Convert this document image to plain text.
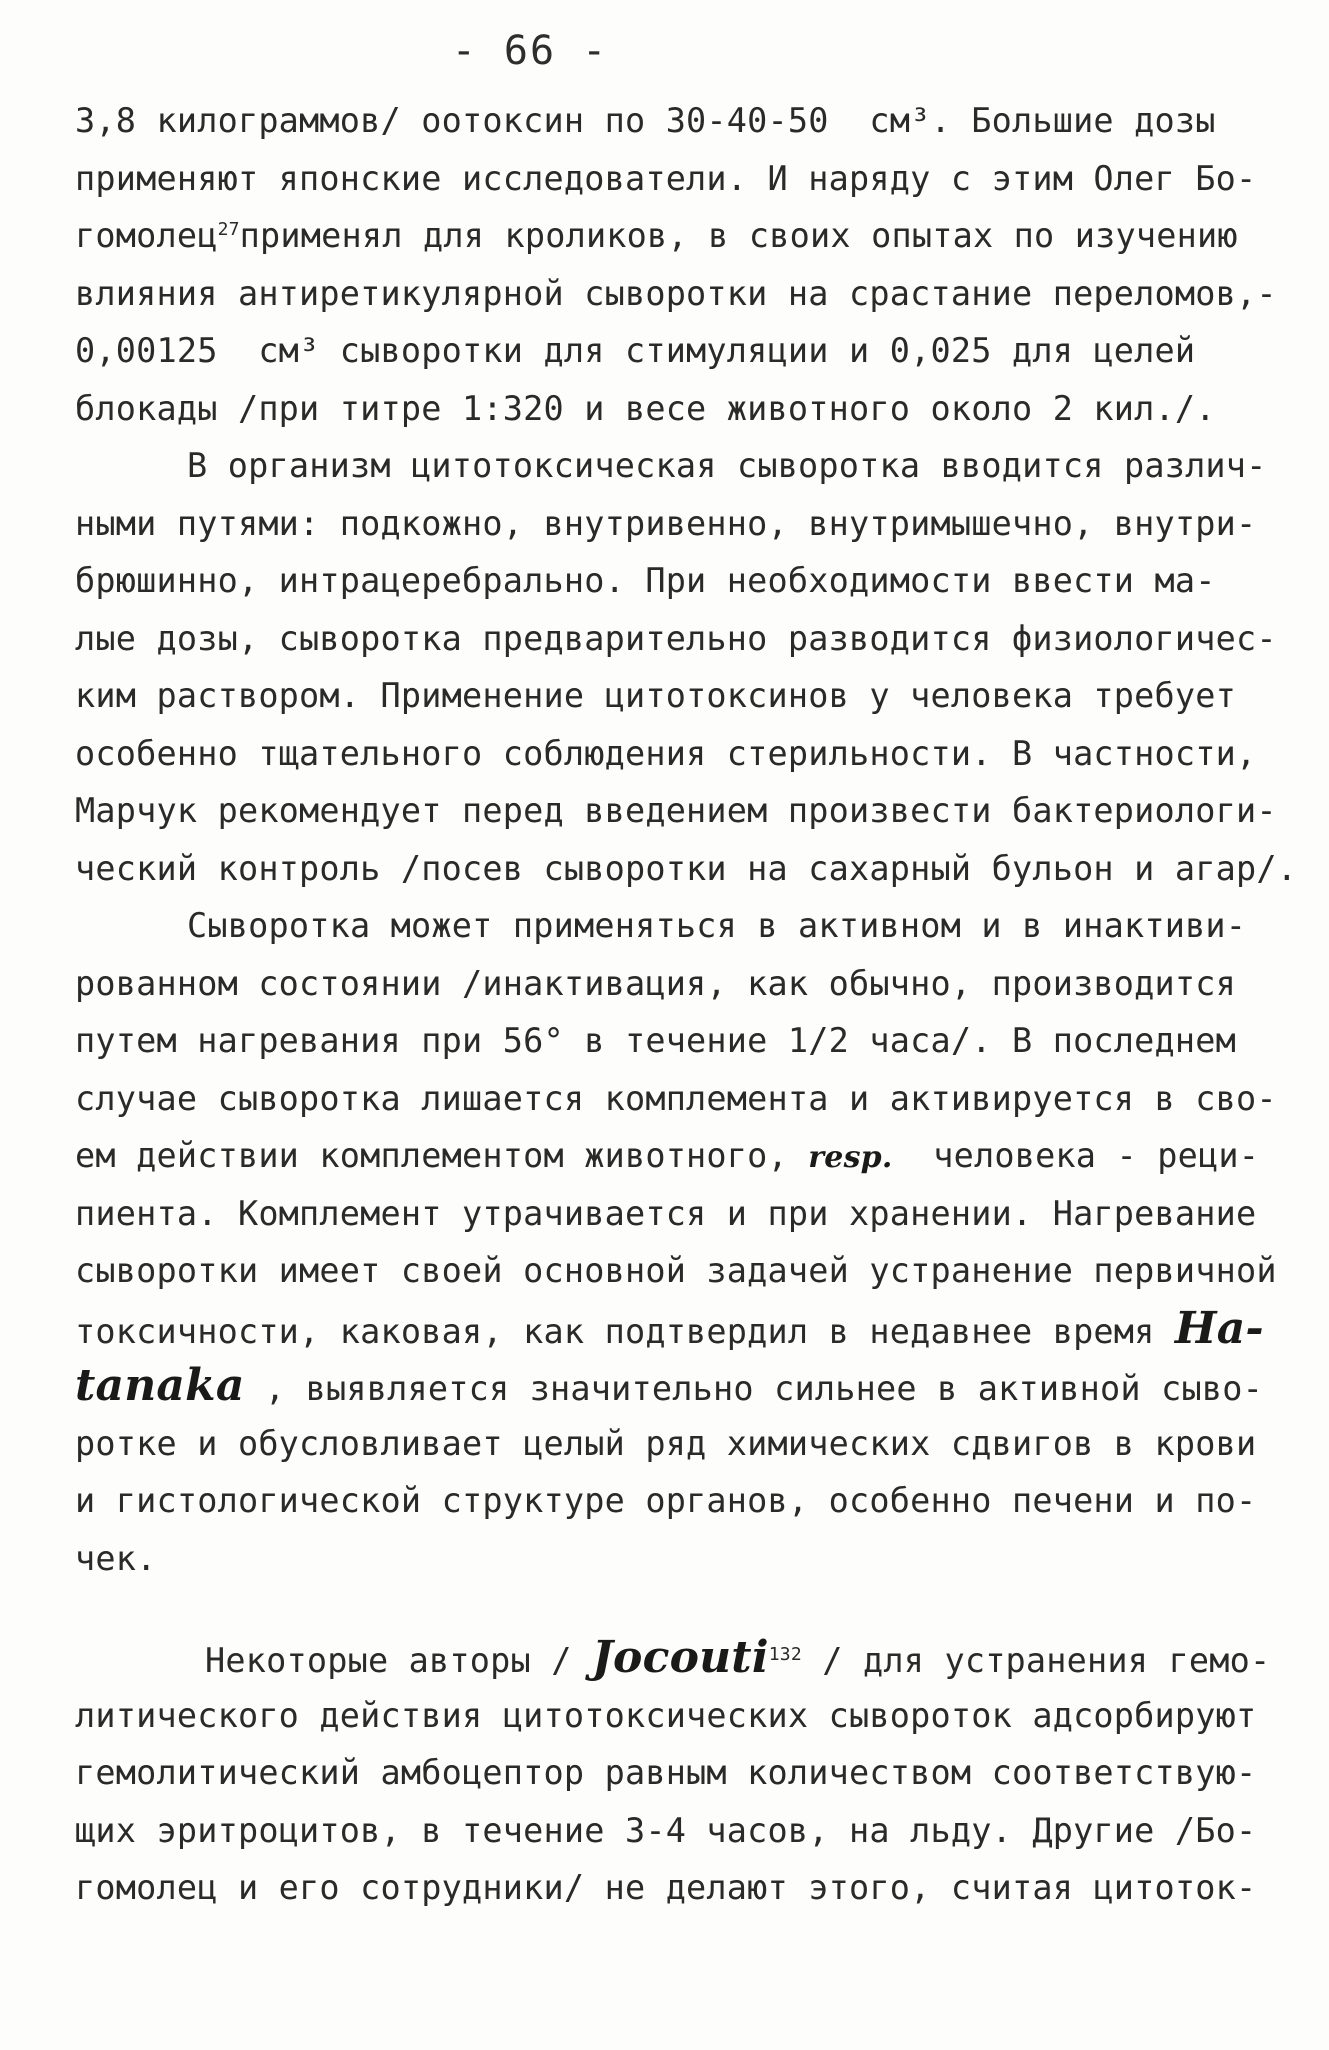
- 66 -
3,8 килограммов/ оотоксин по 30-40-50  см³. Большие дозы
применяют японские исследователи. И наряду с этим Олег Бо-
гомолец$^{27}$применял для кроликов, в своих опытах по изучению
влияния антиретикулярной сыворотки на срастание переломов,-
0,00125  см³ сыворотки для стимуляции и 0,025 для целей
блокады /при титре 1:320 и весе животного около 2 кил./.
В организм цитотоксическая сыворотка вводится различ-
ными путями: подкожно, внутривенно, внутримышечно, внутри-
брюшинно, интрацеребрально. При необходимости ввести ма-
лые дозы, сыворотка предварительно разводится физиологичес-
ким раствором. Применение цитотоксинов у человека требует
особенно тщательного соблюдения стерильности. В частности,
Марчук рекомендует перед введением произвести бактериологи-
ческий контроль /посев сыворотки на сахарный бульон и агар/.
Сыворотка может применяться в активном и в инактиви-
рованном состоянии /инактивация, как обычно, производится
путем нагревания при 56° в течение 1/2 часа/. В последнем
случае сыворотка лишается комплемента и активируется в сво-
ем действии комплементом животного, resp.  человека - реци-
пиента. Комплемент утрачивается и при хранении. Нагревание
сыворотки имеет своей основной задачей устранение первичной
токсичности, каковая, как подтвердил в недавнее время Ha-
tanaka , выявляется значительно сильнее в активной сыво-
ротке и обусловливает целый ряд химических сдвигов в крови
и гистологической структуре органов, особенно печени и по-
чек.
Некоторые авторы / Jocouti$^{132}$ / для устранения гемо-
литического действия цитотоксических сывороток адсорбируют
гемолитический амбоцептор равным количеством соответствую-
щих эритроцитов, в течение 3-4 часов, на льду. Другие /Бо-
гомолец и его сотрудники/ не делают этого, считая цитоток-
